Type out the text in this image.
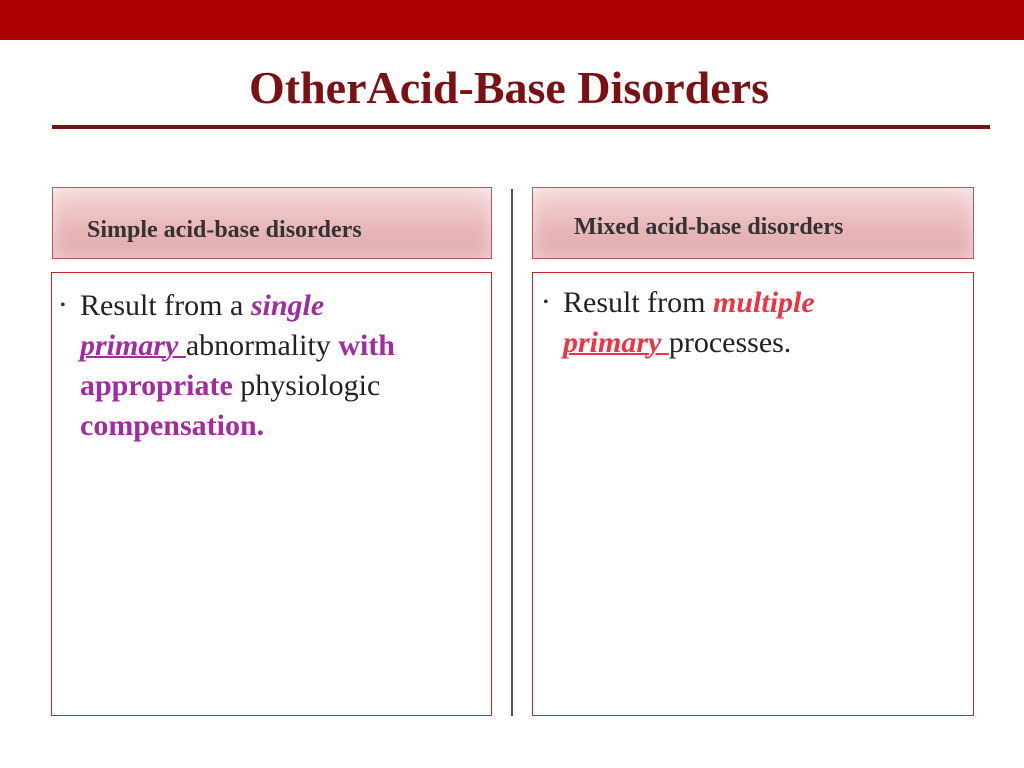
OtherAcid-Base Disorders
Simple acid-base disorders
• Result from a single
primary abnormality with
appropriate physiologic
compensation.
Mixed acid-base disorders
• Result from multiple
primary processes.
